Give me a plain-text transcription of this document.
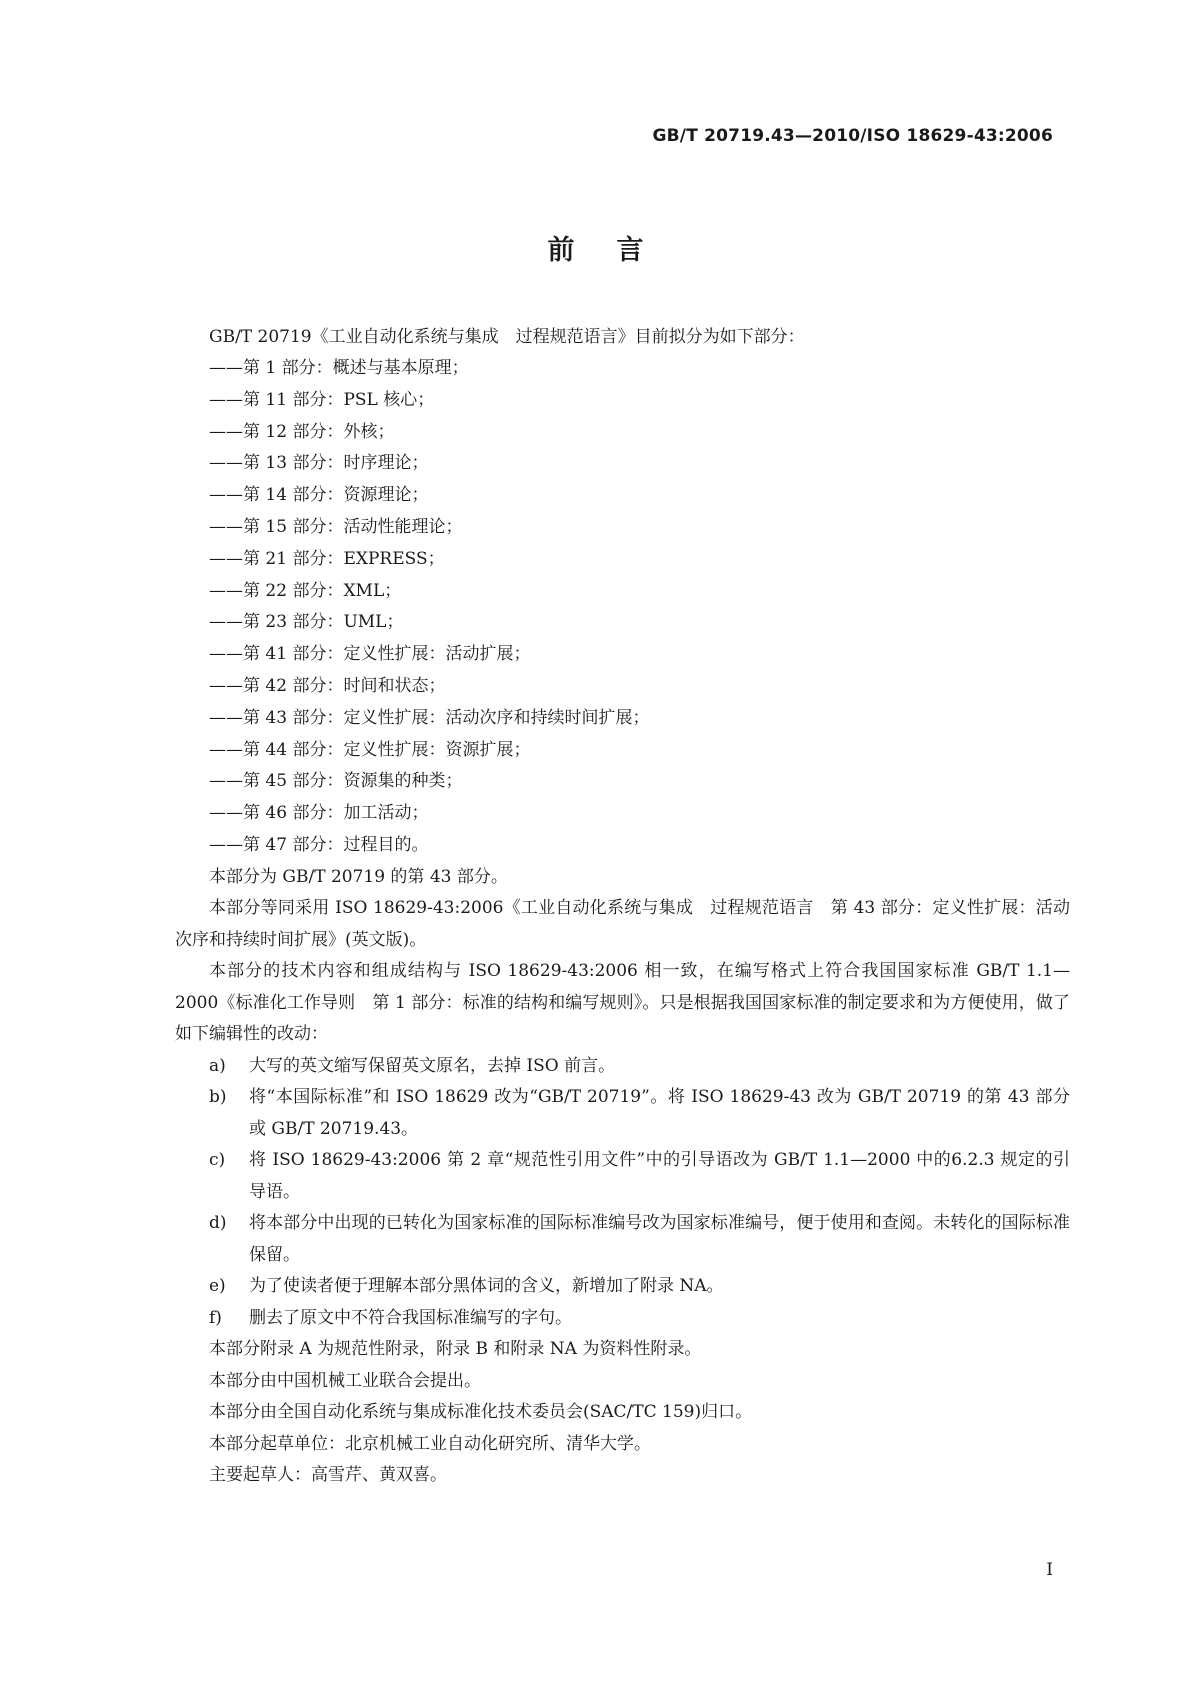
GB/T 20719.43—2010/ISO 18629-43:2006
前言

GB/T 20719《工业自动化系统与集成　过程规范语言》目前拟分为如下部分：

——第 1 部分：概述与基本原理；
——第 11 部分：PSL 核心；
——第 12 部分：外核；
——第 13 部分：时序理论；
——第 14 部分：资源理论；
——第 15 部分：活动性能理论；
——第 21 部分：EXPRESS；
——第 22 部分：XML；
——第 23 部分：UML；
——第 41 部分：定义性扩展：活动扩展；
——第 42 部分：时间和状态；
——第 43 部分：定义性扩展：活动次序和持续时间扩展；
——第 44 部分：定义性扩展：资源扩展；
——第 45 部分：资源集的种类；
——第 46 部分：加工活动；
——第 47 部分：过程目的。

本部分为 GB/T 20719 的第 43 部分。

本部分等同采用 ISO 18629-43:2006《工业自动化系统与集成　过程规范语言　第 43 部分：定义性扩展：活动次序和持续时间扩展》(英文版)。

本部分的技术内容和组成结构与 ISO 18629-43:2006 相一致，在编写格式上符合我国国家标准 GB/T 1.1—2000《标准化工作导则　第 1 部分：标准的结构和编写规则》。只是根据我国国家标准的制定要求和为方便使用，做了如下编辑性的改动：

a)	大写的英文缩写保留英文原名，去掉 ISO 前言。
b)	将“本国际标准”和 ISO 18629 改为“GB/T 20719”。将 ISO 18629-43 改为 GB/T 20719 的第 43 部分或 GB/T 20719.43。
c)	将 ISO 18629-43:2006 第 2 章“规范性引用文件”中的引导语改为 GB/T 1.1—2000 中的6.2.3 规定的引导语。
d)	将本部分中出现的已转化为国家标准的国际标准编号改为国家标准编号，便于使用和查阅。未转化的国际标准保留。
e)	为了使读者便于理解本部分黑体词的含义，新增加了附录 NA。
f)	删去了原文中不符合我国标准编写的字句。

本部分附录 A 为规范性附录，附录 B 和附录 NA 为资料性附录。

本部分由中国机械工业联合会提出。

本部分由全国自动化系统与集成标准化技术委员会(SAC/TC 159)归口。

本部分起草单位：北京机械工业自动化研究所、清华大学。

主要起草人：高雪芹、黄双喜。

I
